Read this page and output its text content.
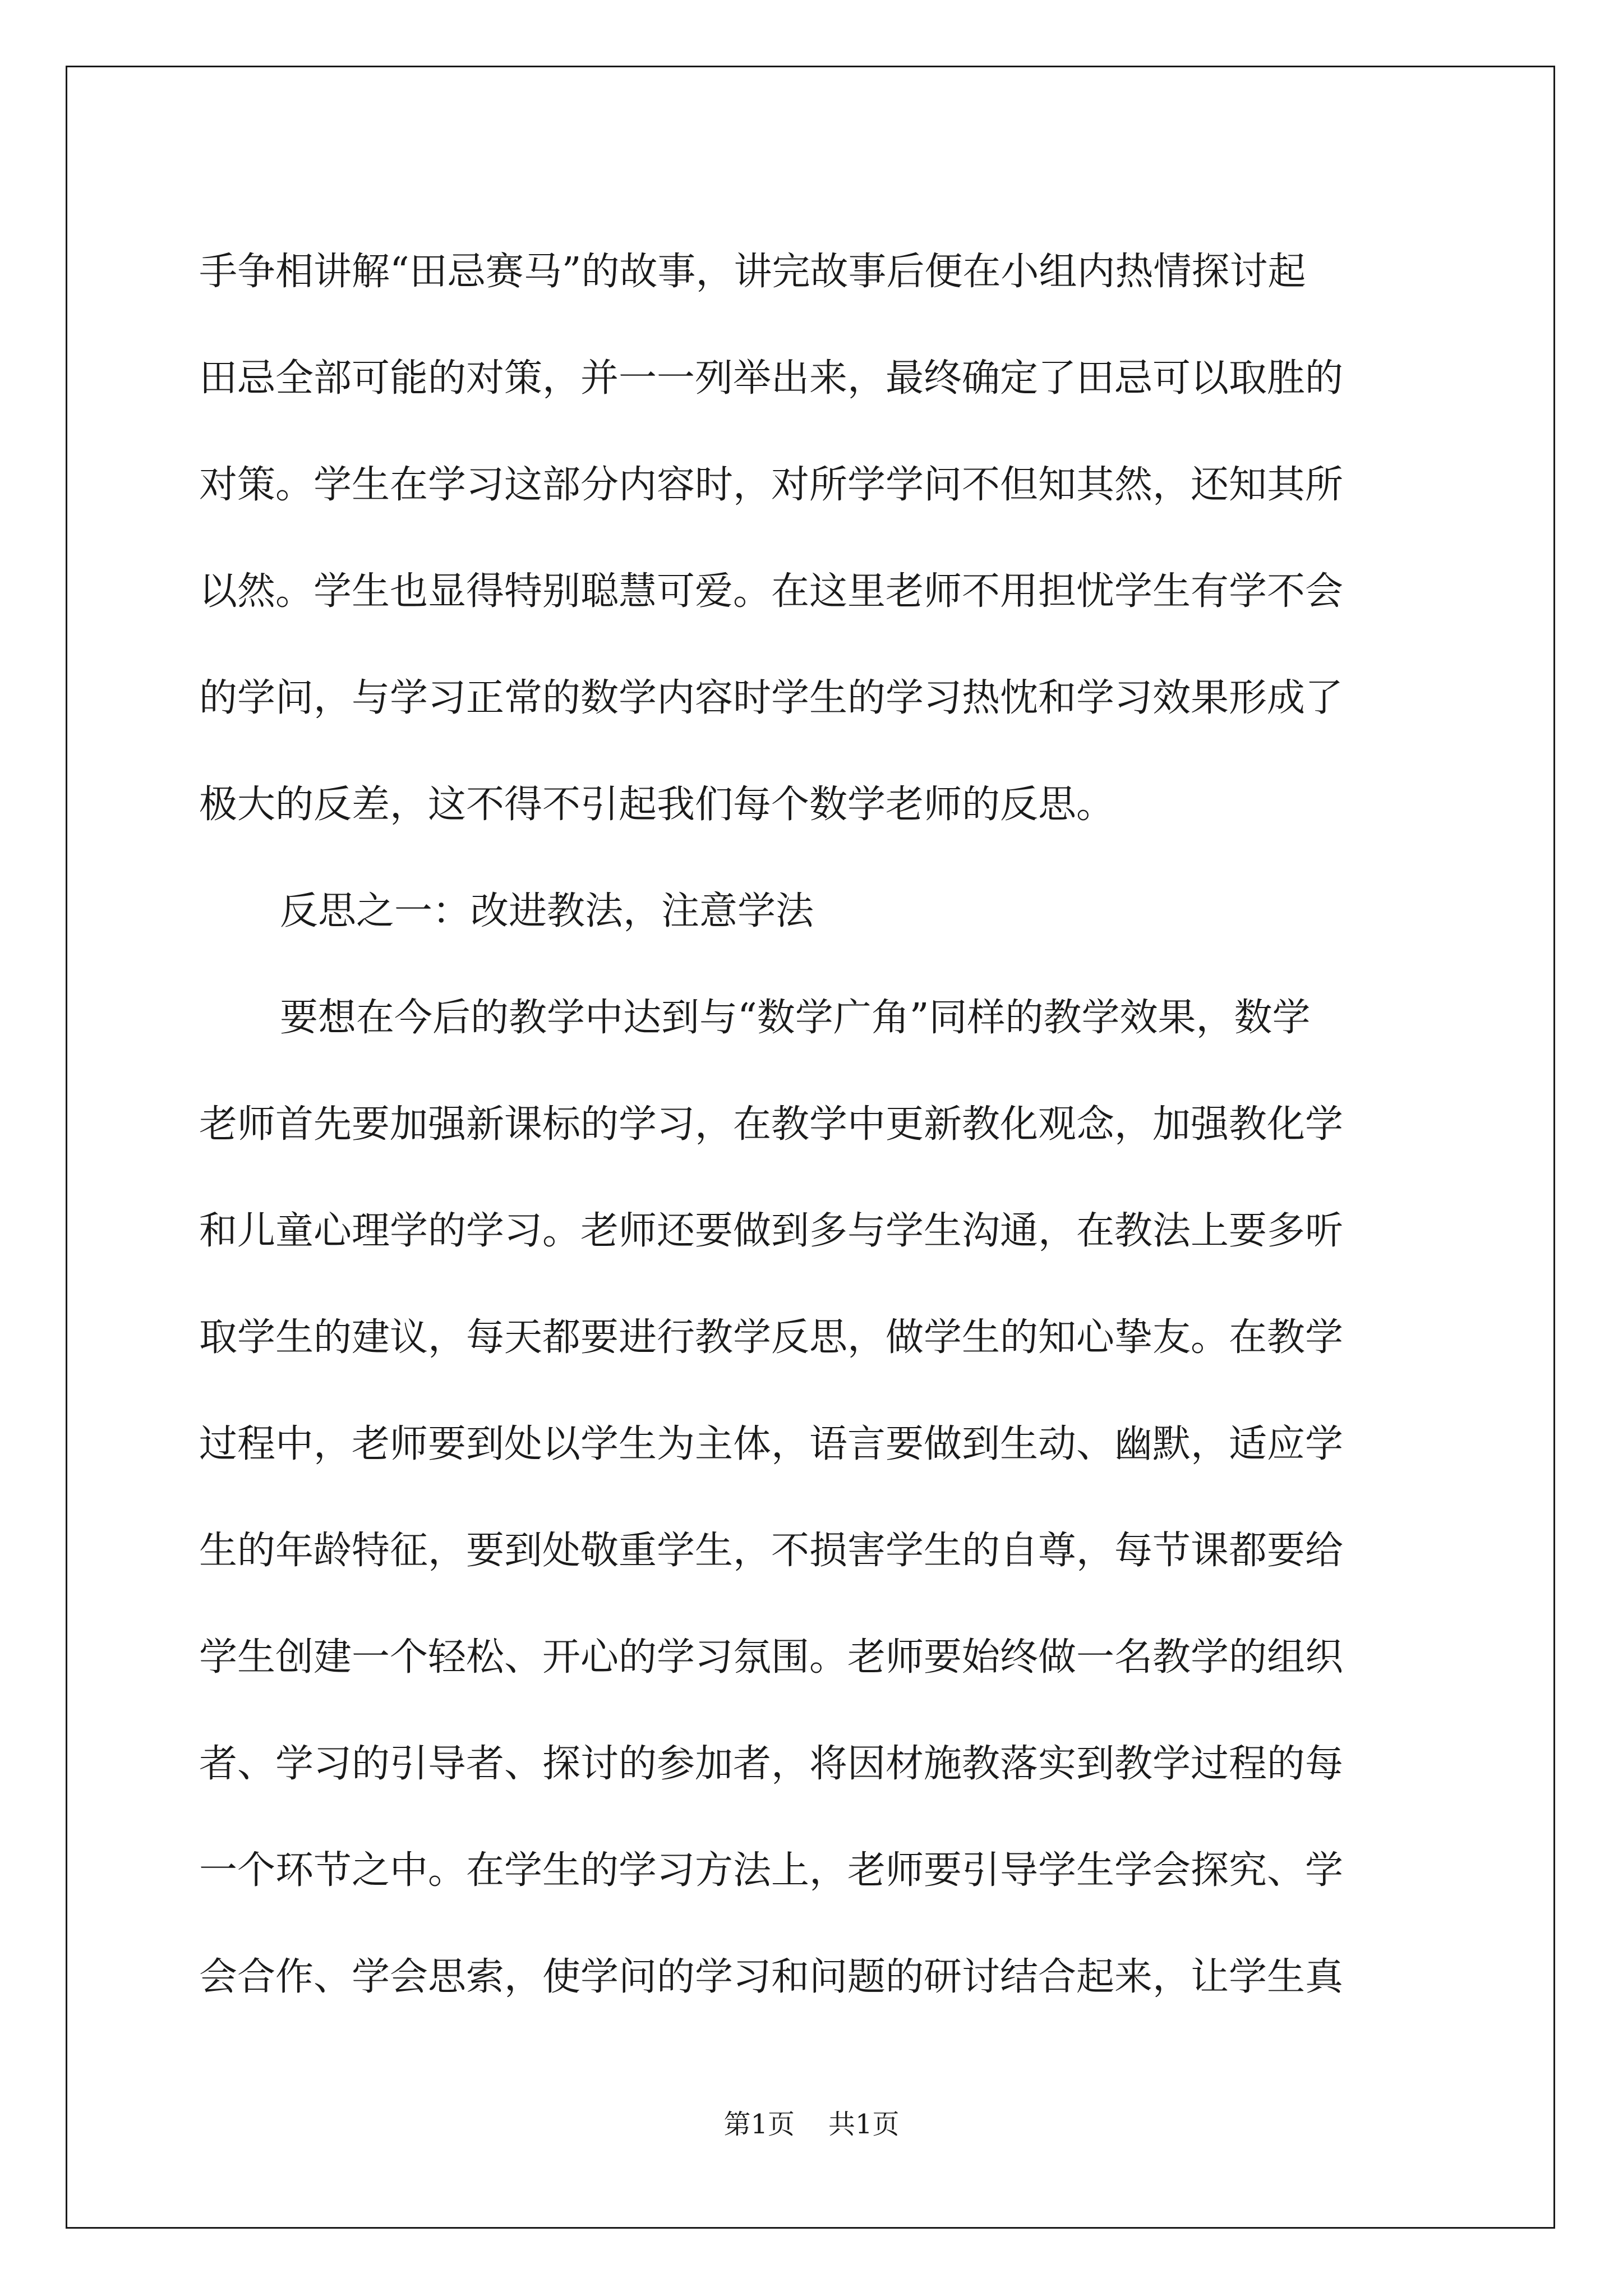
手争相讲解“田忌赛马”的故事，讲完故事后便在小组内热情探讨起
田忌全部可能的对策，并一一列举出来，最终确定了田忌可以取胜的
对策。学生在学习这部分内容时，对所学学问不但知其然，还知其所
以然。学生也显得特别聪慧可爱。在这里老师不用担忧学生有学不会
的学问，与学习正常的数学内容时学生的学习热忱和学习效果形成了
极大的反差，这不得不引起我们每个数学老师的反思。
反思之一：改进教法，注意学法
要想在今后的教学中达到与“数学广角”同样的教学效果，数学
老师首先要加强新课标的学习，在教学中更新教化观念，加强教化学
和儿童心理学的学习。老师还要做到多与学生沟通，在教法上要多听
取学生的建议，每天都要进行教学反思，做学生的知心挚友。在教学
过程中，老师要到处以学生为主体，语言要做到生动、幽默，适应学
生的年龄特征，要到处敬重学生，不损害学生的自尊，每节课都要给
学生创建一个轻松、开心的学习氛围。老师要始终做一名教学的组织
者、学习的引导者、探讨的参加者，将因材施教落实到教学过程的每
一个环节之中。在学生的学习方法上，老师要引导学生学会探究、学
会合作、学会思索，使学问的学习和问题的研讨结合起来，让学生真
第1页 共1页
